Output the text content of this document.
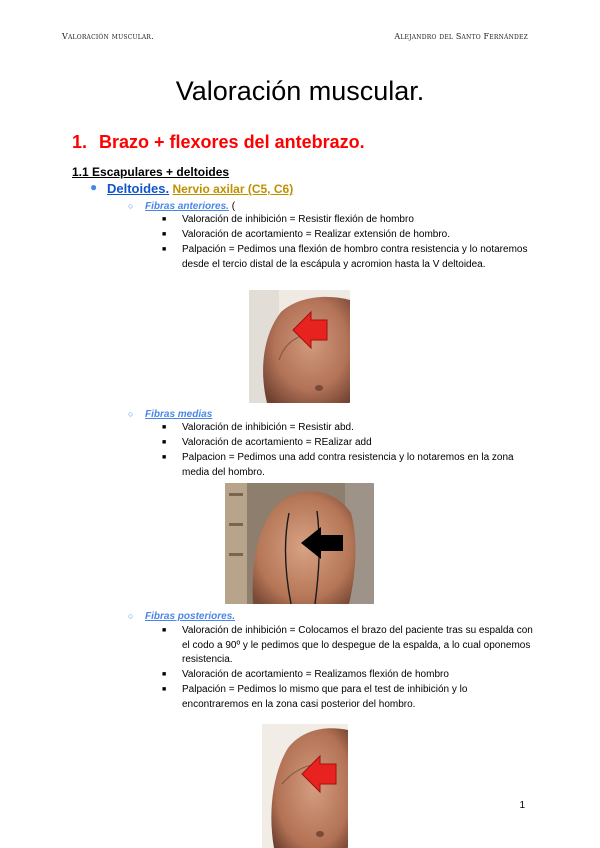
Valoración muscular.	Alejandro del Santo Fernández
Valoración muscular.
1. Brazo + flexores del antebrazo.
1.1 Escapulares + deltoides
● Deltoides. Nervio axilar (C5, C6)
○ Fibras anteriores. (
■	Valoración de inhibición = Resistir flexión de hombro
■	Valoración de acortamiento = Realizar extensión de hombro.
■	Palpación = Pedimos una flexión de hombro contra resistencia y lo notaremos desde el tercio distal de la escápula y acromion hasta la V deltoidea.
○ Fibras medias
■	Valoración de inhibición = Resistir abd.
■	Valoración de acortamiento = REalizar add
■	Palpacion = Pedimos una add contra resistencia y lo notaremos en la zona media del hombro.
○ Fibras posteriores.
■	Valoración de inhibición = Colocamos el brazo del paciente tras su espalda con el codo a 90º y le pedimos que lo despegue de la espalda, a lo cual oponemos resistencia.
■	Valoración de acortamiento = Realizamos flexión de hombro
■	Palpación = Pedimos lo mismo que para el test de inhibición y lo encontraremos en la zona casi posterior del hombro.
1
